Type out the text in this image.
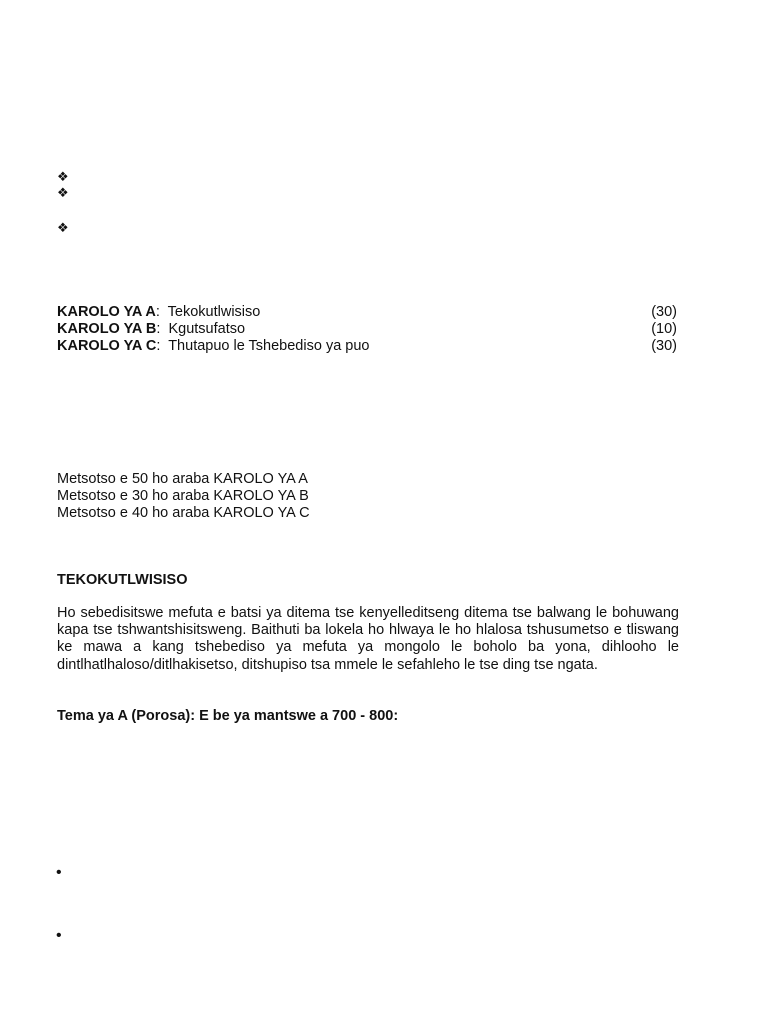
❖
❖
❖
KAROLO YA A:  Tekokutlwisiso	(30)
KAROLO YA B:  Kgutsufatso	(10)
KAROLO YA C:  Thutapuo le Tshebediso ya puo	(30)
Metsotso e 50 ho araba KAROLO YA A
Metsotso e 30 ho araba KAROLO YA B
Metsotso e 40 ho araba KAROLO YA C
TEKOKUTLWISISO
Ho sebedisitswe mefuta e batsi ya ditema tse kenyelleditseng ditema tse balwang le bohuwang kapa tse tshwantshisitsweng. Baithuti ba lokela ho hlwaya le ho hlalosa tshusumetso e tliswang ke mawa a kang tshebediso ya mefuta ya mongolo le boholo ba yona, dihlooho le dintlhatlhaloso/ditlhakisetso, ditshupiso tsa mmele le sefahleho le tse ding tse ngata.
Tema ya A (Porosa): E be ya mantswe a 700 - 800:
•
•
